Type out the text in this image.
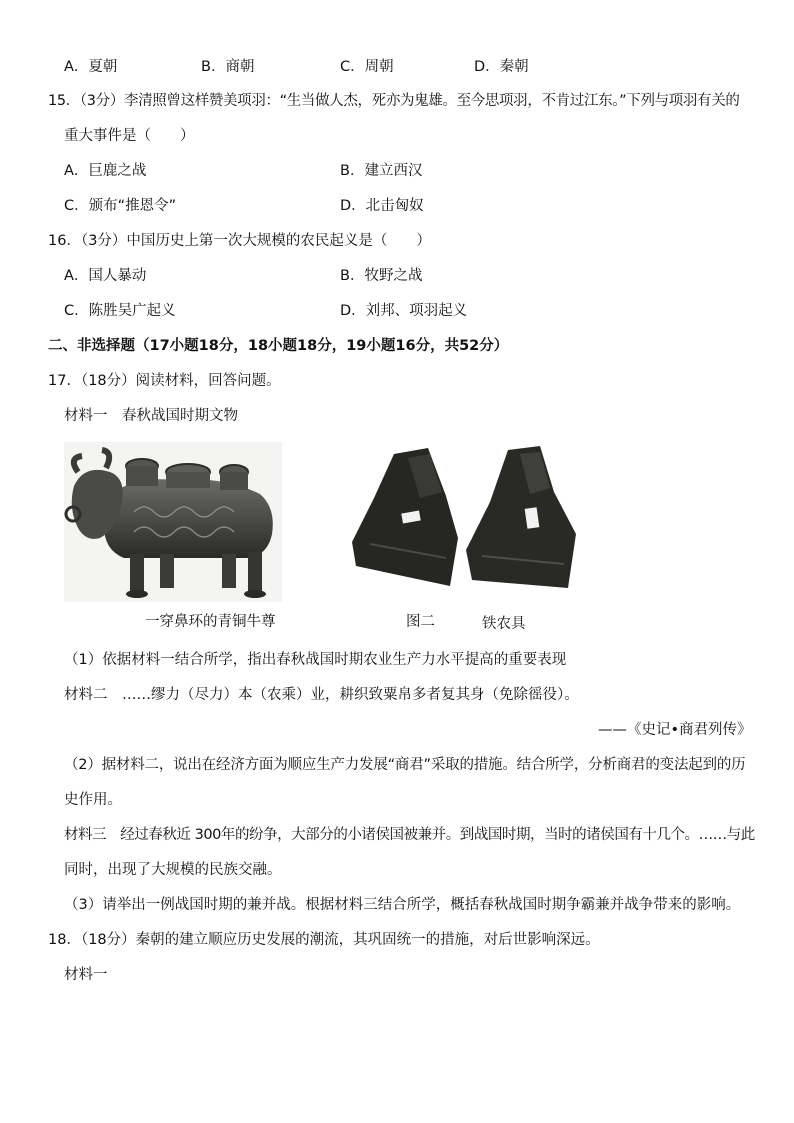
A．夏朝	B．商朝	C．周朝	D．秦朝
15．（3分）李清照曾这样赞美项羽：“生当做人杰，死亦为鬼雄。至今思项羽，不肯过江东。”下列与项羽有关的
重大事件是（　　）
A．巨鹿之战	B．建立西汉
C．颁布“推恩令”	D．北击匈奴
16．（3分）中国历史上第一次大规模的农民起义是（　　）
A．国人暴动	B．牧野之战
C．陈胜吴广起义	D．刘邦、项羽起义
二、非选择题（17小题18分，18小题18分，19小题16分，共52分）
17．（18分）阅读材料，回答问题。
材料一　春秋战国时期文物
一穿鼻环的青铜牛尊	图二	铁农具
（1）依据材料一结合所学，指出春秋战国时期农业生产力水平提高的重要表现
材料二　……缪力（尽力）本（农乘）业，耕织致粟帛多者复其身（免除徭役）。
——《史记•商君列传》
（2）据材料二，说出在经济方面为顺应生产力发展“商君”采取的措施。结合所学，分析商君的变法起到的历
史作用。
材料三　经过春秋近 300年的纷争，大部分的小诸侯国被兼并。到战国时期，当时的诸侯国有十几个。……与此
同时，出现了大规模的民族交融。
（3）请举出一例战国时期的兼并战。根据材料三结合所学，概括春秋战国时期争霸兼并战争带来的影响。
18．（18分）秦朝的建立顺应历史发展的潮流，其巩固统一的措施，对后世影响深远。
材料一
